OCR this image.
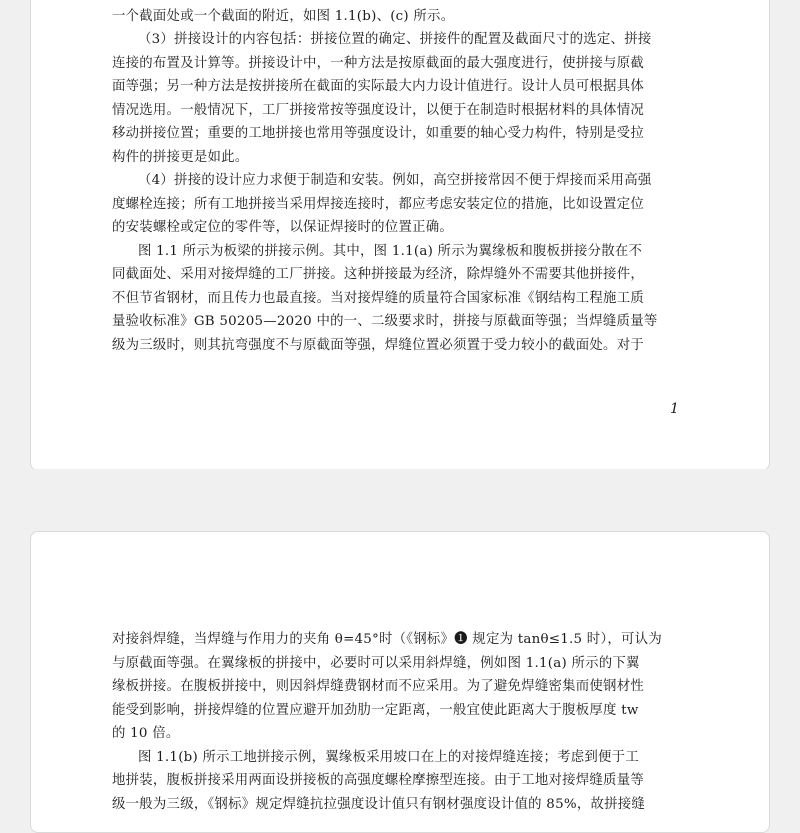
一个截面处或一个截面的附近，如图 1.1(b)、(c) 所示。

（3）拼接设计的内容包括：拼接位置的确定、拼接件的配置及截面尺寸的选定、拼接
连接的布置及计算等。拼接设计中，一种方法是按原截面的最大强度进行，使拼接与原截
面等强；另一种方法是按拼接所在截面的实际最大内力设计值进行。设计人员可根据具体
情况选用。一般情况下，工厂拼接常按等强度设计，以便于在制造时根据材料的具体情况
移动拼接位置；重要的工地拼接也常用等强度设计，如重要的轴心受力构件，特别是受拉
构件的拼接更是如此。

（4）拼接的设计应力求便于制造和安装。例如，高空拼接常因不便于焊接而采用高强
度螺栓连接；所有工地拼接当采用焊接连接时，都应考虑安装定位的措施，比如设置定位
的安装螺栓或定位的零件等，以保证焊接时的位置正确。

图 1.1 所示为板梁的拼接示例。其中，图 1.1(a) 所示为翼缘板和腹板拼接分散在不
同截面处、采用对接焊缝的工厂拼接。这种拼接最为经济，除焊缝外不需要其他拼接件，
不但节省钢材，而且传力也最直接。当对接焊缝的质量符合国家标准《钢结构工程施工质
量验收标准》GB 50205—2020 中的一、二级要求时，拼接与原截面等强；当焊缝质量等
级为三级时，则其抗弯强度不与原截面等强，焊缝位置必须置于受力较小的截面处。对于

1

对接斜焊缝，当焊缝与作用力的夹角 θ=45°时（《钢标》❶ 规定为 tanθ≤1.5 时），可认为
与原截面等强。在翼缘板的拼接中，必要时可以采用斜焊缝，例如图 1.1(a) 所示的下翼
缘板拼接。在腹板拼接中，则因斜焊缝费钢材而不应采用。为了避免焊缝密集而使钢材性
能受到影响，拼接焊缝的位置应避开加劲肋一定距离，一般宜使此距离大于腹板厚度 tw
的 10 倍。

图 1.1(b) 所示工地拼接示例，翼缘板采用坡口在上的对接焊缝连接；考虑到便于工
地拼装，腹板拼接采用两面设拼接板的高强度螺栓摩擦型连接。由于工地对接焊缝质量等
级一般为三级，《钢标》规定焊缝抗拉强度设计值只有钢材强度设计值的 85%，故拼接缝
